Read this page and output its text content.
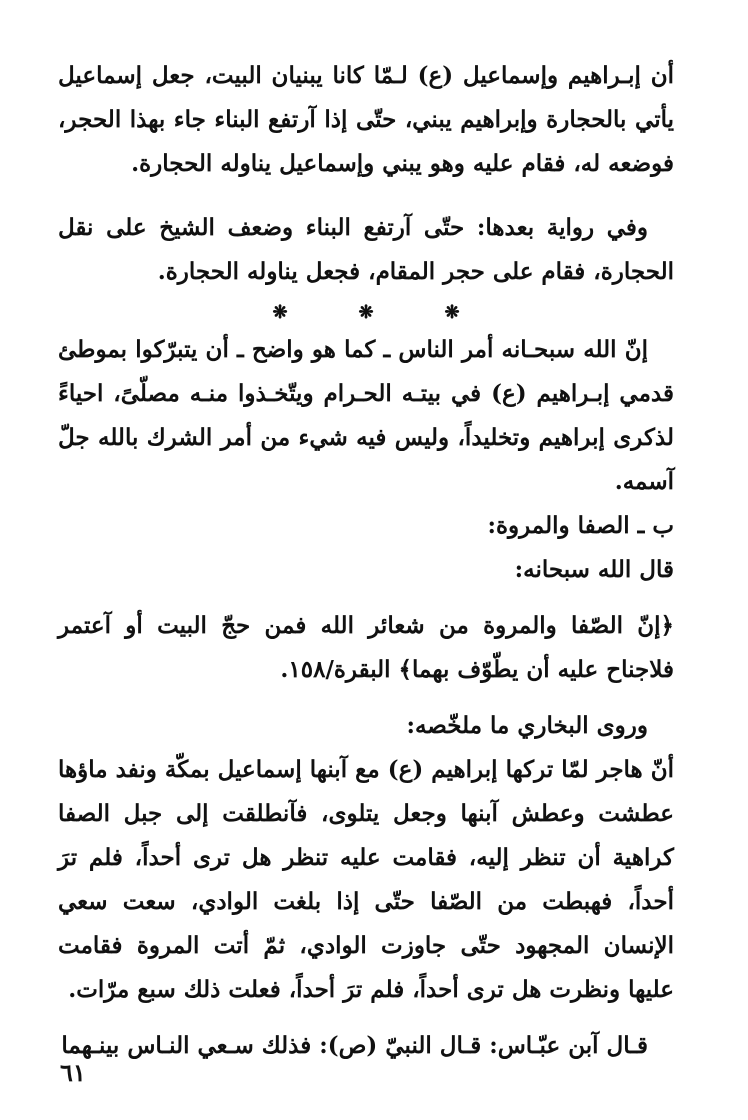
أن إبـراهيم وإسماعيل (ع) لـمّا كانا يبنيان البيت، جعل إسماعيل يأتي بالحجارة وإبراهيم يبني، حتّى إذا آرتفع البناء جاء بهذا الحجر، فوضعه له، فقام عليه وهو يبني وإسماعيل يناوله الحجارة.

وفي رواية بعدها: حتّى آرتفع البناء وضعف الشيخ على نقل الحجارة، فقام على حجر المقام، فجعل يناوله الحجارة.

❋	❋	❋

إنّ الله سبحـانه أمر الناس ـ كما هو واضح ـ أن يتبرّكوا بموطئ قدمي إبـراهيم (ع) في بيتـه الحـرام ويتّخـذوا منـه مصلّىً، احياءً لذكرى إبراهيم وتخليداً، وليس فيه شيء من أمر الشرك بالله جلّ آسمه.

ب ـ الصفا والمروة:

قال الله سبحانه:

﴿إنّ الصّفا والمروة من شعائر الله فمن حجّ البيت أو آعتمر فلاجناح عليه أن يطّوّف بهما﴾ البقرة/١٥٨.

وروى البخاري ما ملخّصه:

أنّ هاجر لمّا تركها إبراهيم (ع) مع آبنها إسماعيل بمكّة ونفد ماؤها عطشت وعطش آبنها وجعل يتلوى، فآنطلقت إلى جبل الصفا كراهية أن تنظر إليه، فقامت عليه تنظر هل ترى أحداً، فلم ترَ أحداً، فهبطت من الصّفا حتّى إذا بلغت الوادي، سعت سعي الإنسان المجهود حتّى جاوزت الوادي، ثمّ أتت المروة فقامت عليها ونظرت هل ترى أحداً، فلم ترَ أحداً، فعلت ذلك سبع مرّات.

قـال آبن عبّـاس: قـال النبيّ (ص): فذلك سـعي النـاس بينـهما

٦١
